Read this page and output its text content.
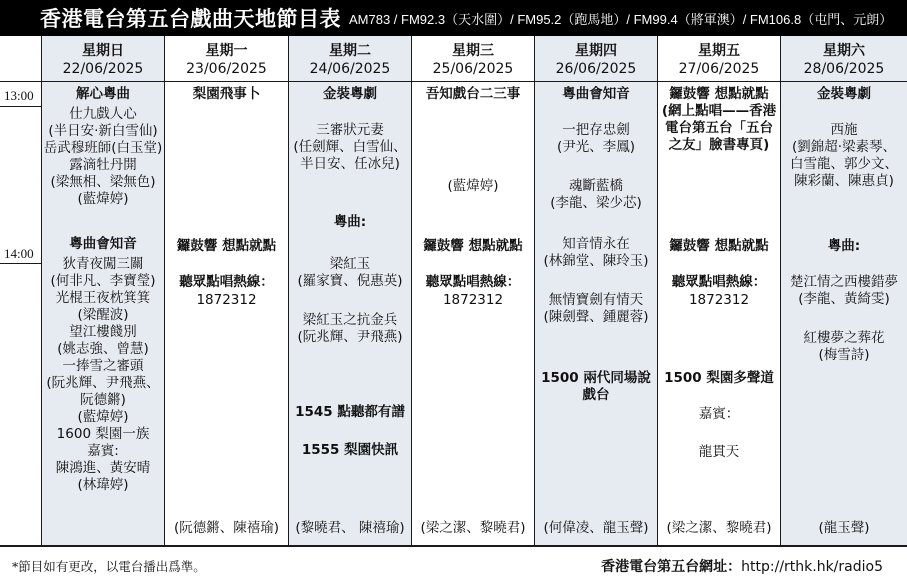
香港電台第五台戲曲天地節目表 AM783 / FM92.3（天水圍）/ FM95.2（跑馬地）/ FM99.4（將軍澳）/ FM106.8（屯門、元朗）
13:00
14:00
星期日
22/06/2025
解心粵曲
仕九戲人心
(半日安‧新白雪仙)
岳武穆班師(白玉堂)
露滴牡丹開
(梁無相、梁無色)
(藍煒婷)
粵曲會知音
狄青夜闖三關
(何非凡、李寶瑩)
光棍王夜枕箕箕
(梁醒波)
望江樓餞別
(姚志強、曾慧)
一捧雪之審頭
(阮兆輝、尹飛燕、
阮德鏘)
(藍煒婷)
1600 梨園一族
嘉賓:
陳鴻進、黃安晴
(林瑋婷)
星期一
23/06/2025
梨園飛事卜
鑼鼓響 想點就點
聽眾點唱熱線：
1872312
(阮德鏘、陳禧瑜)
星期二
24/06/2025
金裝粵劇
三審狀元妻
(任劍輝、白雪仙、
半日安、任冰兒)
粵曲:
梁紅玉
(羅家寶、倪惠英)
梁紅玉之抗金兵
(阮兆輝、尹飛燕)
1545 點聽都有譜
1555 梨園快訊
(黎曉君、 陳禧瑜)
星期三
25/06/2025
吾知戲台二三事
(藍煒婷)
鑼鼓響 想點就點
聽眾點唱熱線：
1872312
(梁之潔、黎曉君)
星期四
26/06/2025
粵曲會知音
一把存忠劍
(尹光、李鳳)
魂斷藍橋
(李龍、梁少芯)
知音情永在
(林錦堂、陳玲玉)
無情寶劍有情天
(陳劍聲、鍾麗蓉)
1500 兩代同場說
戲台
(何偉凌、龍玉聲)
星期五
27/06/2025
鑼鼓響 想點就點
(網上點唱——香港
電台第五台「五台
之友」臉書專頁)
鑼鼓響 想點就點
聽眾點唱熱線：
1872312
1500 梨園多聲道
嘉賓：
龍貫天
(梁之潔、黎曉君)
星期六
28/06/2025
金裝粵劇
西施
(劉錦超‧梁素琴、
白雪龍、郭少文、
陳彩蘭、陳惠貞)
粵曲:
楚江情之西樓錯夢
(李龍、黃綺雯)
紅樓夢之葬花
(梅雪詩)
(龍玉聲)
*節目如有更改，以電台播出爲準。	香港電台第五台網址：http://rthk.hk/radio5
